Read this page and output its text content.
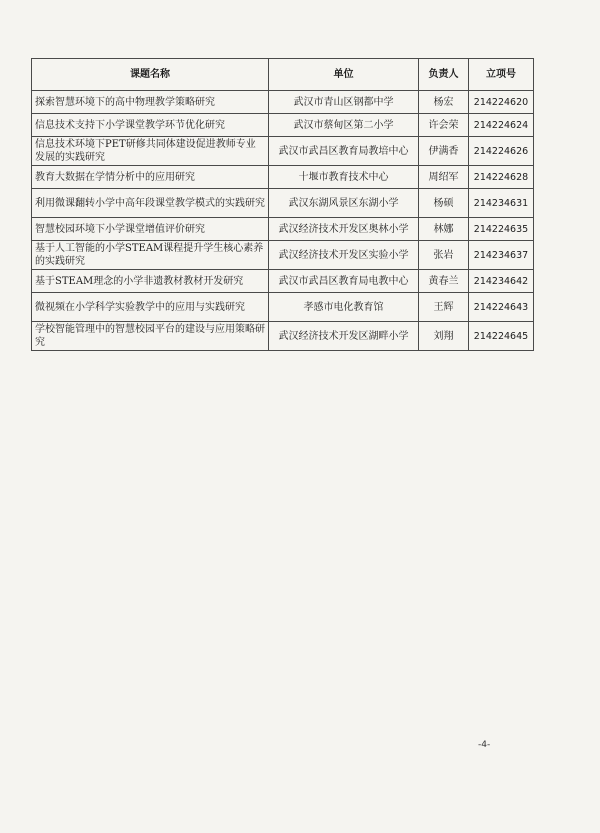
课题名称	单位	负责人	立项号
探索智慧环境下的高中物理教学策略研究	武汉市青山区钢都中学	杨宏	214224620
信息技术支持下小学课堂教学环节优化研究	武汉市蔡甸区第二小学	许会荣	214224624
信息技术环境下PET研修共同体建设促进教师专业发展的实践研究	武汉市武昌区教育局教培中心	伊满香	214224626
教育大数据在学情分析中的应用研究	十堰市教育技术中心	周绍军	214224628
利用微课翻转小学中高年段课堂教学模式的实践研究	武汉东湖风景区东湖小学	杨硕	214234631
智慧校园环境下小学课堂增值评价研究	武汉经济技术开发区奥林小学	林娜	214224635
基于人工智能的小学STEAM课程提升学生核心素养的实践研究	武汉经济技术开发区实验小学	张岩	214234637
基于STEAM理念的小学非遗教材教材开发研究	武汉市武昌区教育局电教中心	黄春兰	214234642
微视频在小学科学实验教学中的应用与实践研究	孝感市电化教育馆	王辉	214224643
学校智能管理中的智慧校园平台的建设与应用策略研究	武汉经济技术开发区湖畔小学	刘翔	214224645
-4-
